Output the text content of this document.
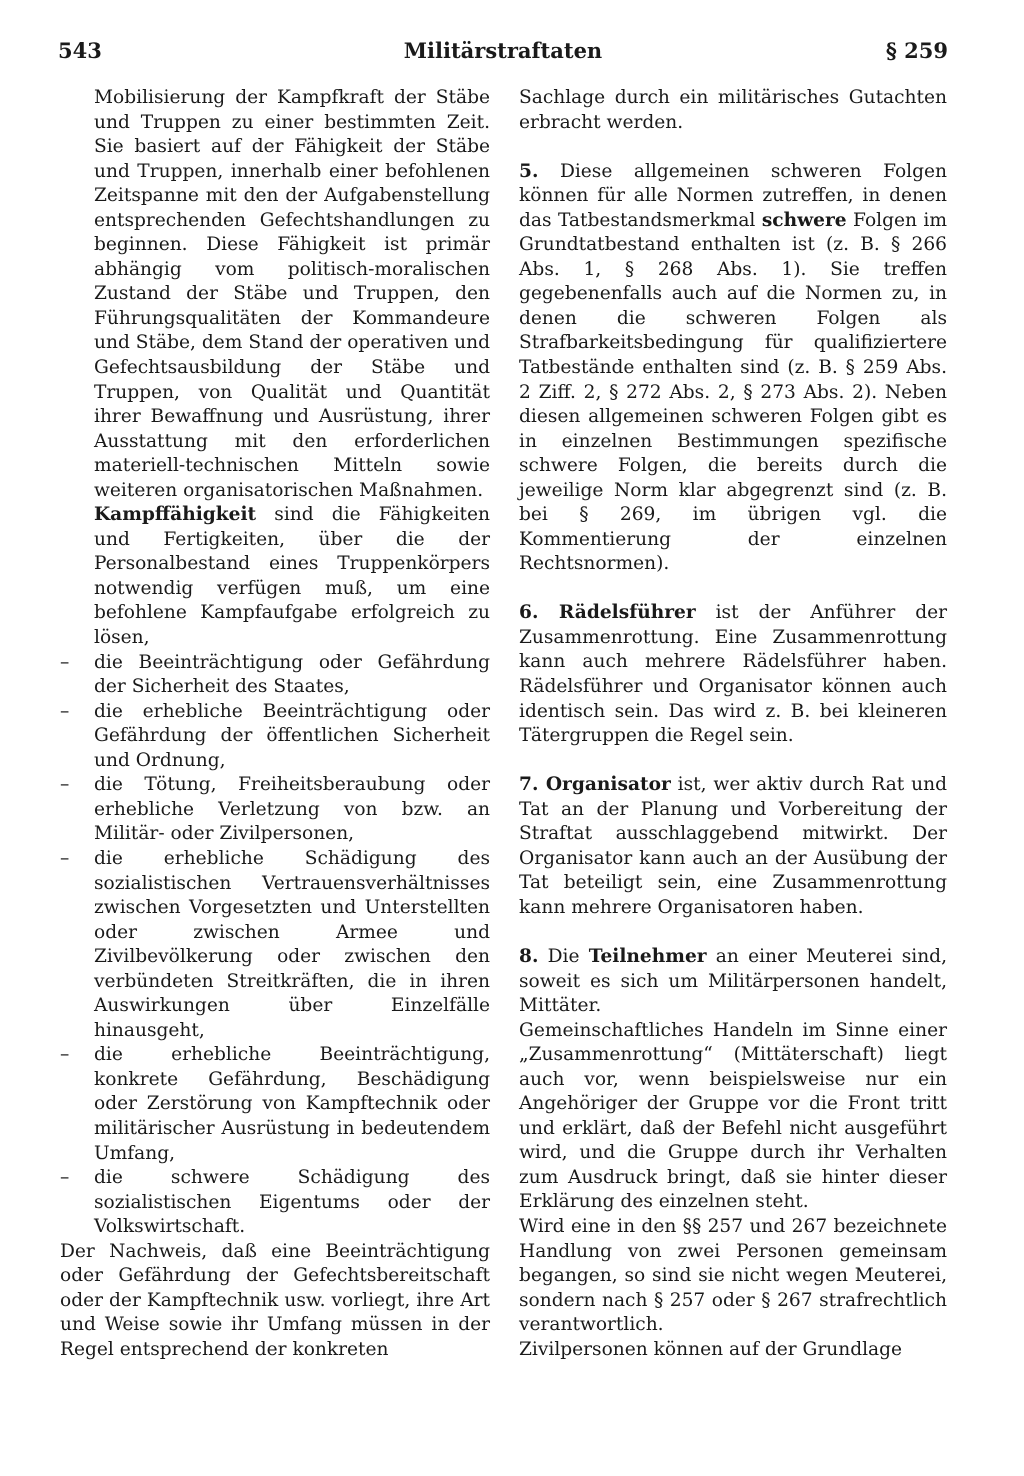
543	Militärstraftaten	§ 259

Mobilisierung der Kampfkraft der Stäbe und Truppen zu einer bestimmten Zeit. Sie basiert auf der Fähigkeit der Stäbe und Truppen, innerhalb einer befohlenen Zeitspanne mit den der Aufgabenstellung entsprechenden Gefechtshandlungen zu beginnen. Diese Fähigkeit ist primär abhängig vom politisch-moralischen Zustand der Stäbe und Truppen, den Führungsqualitäten der Kommandeure und Stäbe, dem Stand der operativen und Gefechtsausbildung der Stäbe und Truppen, von Qualität und Quantität ihrer Bewaffnung und Ausrüstung, ihrer Ausstattung mit den erforderlichen materiell-technischen Mitteln sowie weiteren organisatorischen Maßnahmen.

Kampffähigkeit sind die Fähigkeiten und Fertigkeiten, über die der Personalbestand eines Truppenkörpers notwendig verfügen muß, um eine befohlene Kampfaufgabe erfolgreich zu lösen,

– die Beeinträchtigung oder Gefährdung der Sicherheit des Staates,
– die erhebliche Beeinträchtigung oder Gefährdung der öffentlichen Sicherheit und Ordnung,
– die Tötung, Freiheitsberaubung oder erhebliche Verletzung von bzw. an Militär- oder Zivilpersonen,
– die erhebliche Schädigung des sozialistischen Vertrauensverhältnisses zwischen Vorgesetzten und Unterstellten oder zwischen Armee und Zivilbevölkerung oder zwischen den verbündeten Streitkräften, die in ihren Auswirkungen über Einzelfälle hinausgeht,
– die erhebliche Beeinträchtigung, konkrete Gefährdung, Beschädigung oder Zerstörung von Kampftechnik oder militärischer Ausrüstung in bedeutendem Umfang,
– die schwere Schädigung des sozialistischen Eigentums oder der Volkswirtschaft.

Der Nachweis, daß eine Beeinträchtigung oder Gefährdung der Gefechtsbereitschaft oder der Kampftechnik usw. vorliegt, ihre Art und Weise sowie ihr Umfang müssen in der Regel entsprechend der konkreten

Sachlage durch ein militärisches Gutachten erbracht werden.

5. Diese allgemeinen schweren Folgen können für alle Normen zutreffen, in denen das Tatbestandsmerkmal schwere Folgen im Grundtatbestand enthalten ist (z. B. § 266 Abs. 1, § 268 Abs. 1). Sie treffen gegebenenfalls auch auf die Normen zu, in denen die schweren Folgen als Strafbarkeitsbedingung für qualifiziertere Tatbestände enthalten sind (z. B. § 259 Abs. 2 Ziff. 2, § 272 Abs. 2, § 273 Abs. 2). Neben diesen allgemeinen schweren Folgen gibt es in einzelnen Bestimmungen spezifische schwere Folgen, die bereits durch die jeweilige Norm klar abgegrenzt sind (z. B. bei § 269, im übrigen vgl. die Kommentierung der einzelnen Rechtsnormen).

6. Rädelsführer ist der Anführer der Zusammenrottung. Eine Zusammenrottung kann auch mehrere Rädelsführer haben. Rädelsführer und Organisator können auch identisch sein. Das wird z. B. bei kleineren Tätergruppen die Regel sein.

7. Organisator ist, wer aktiv durch Rat und Tat an der Planung und Vorbereitung der Straftat ausschlaggebend mitwirkt. Der Organisator kann auch an der Ausübung der Tat beteiligt sein, eine Zusammenrottung kann mehrere Organisatoren haben.

8. Die Teilnehmer an einer Meuterei sind, soweit es sich um Militärpersonen handelt, Mittäter.

Gemeinschaftliches Handeln im Sinne einer „Zusammenrottung“ (Mittäterschaft) liegt auch vor, wenn beispielsweise nur ein Angehöriger der Gruppe vor die Front tritt und erklärt, daß der Befehl nicht ausgeführt wird, und die Gruppe durch ihr Verhalten zum Ausdruck bringt, daß sie hinter dieser Erklärung des einzelnen steht.

Wird eine in den §§ 257 und 267 bezeichnete Handlung von zwei Personen gemeinsam begangen, so sind sie nicht wegen Meuterei, sondern nach § 257 oder § 267 strafrechtlich verantwortlich.

Zivilpersonen können auf der Grundlage
